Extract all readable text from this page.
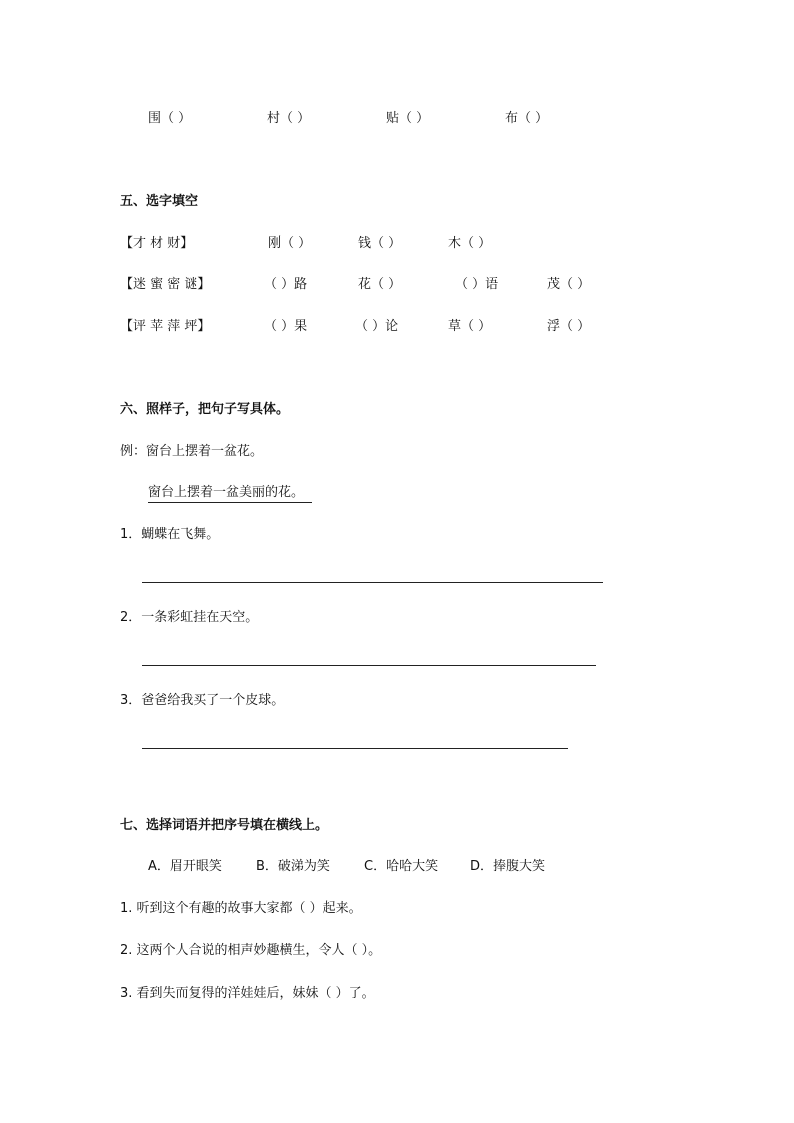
围（ ）	村（ ）	贴（ ）	布（ ）
五、选字填空
【才 材 财】	刚（ ）	钱（ ）	木（ ）
【迷 蜜 密 谜】	（ ）路	花（ ）	（ ）语	茂（ ）
【评 苹 萍 坪】	（ ）果	（ ）论	草（ ）	浮（ ）
六、照样子，把句子写具体。
例：窗台上摆着一盆花。
窗台上摆着一盆美丽的花。
1．蝴蝶在飞舞。
2．一条彩虹挂在天空。
3．爸爸给我买了一个皮球。
七、选择词语并把序号填在横线上。
A．眉开眼笑	B．破涕为笑	C．哈哈大笑 D．捧腹大笑
1. 听到这个有趣的故事大家都（ ）起来。
2. 这两个人合说的相声妙趣横生，令人（ ）。
3. 看到失而复得的洋娃娃后，妹妹（ ）了。
